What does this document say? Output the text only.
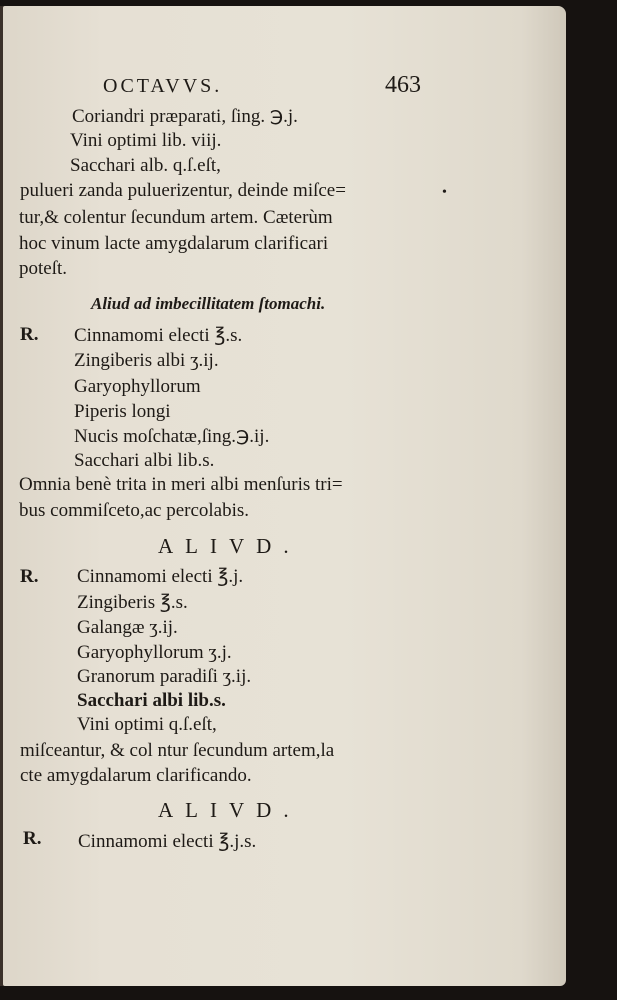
OCTAVVS.	463
Coriandri præparati, ſing. ℈.j.
Vini optimi lib. viij.
Sacchari alb. q.ſ.eſt,
pulueri zanda puluerizentur, deinde miſce=	•
tur,& colentur ſecundum artem. Cæterùm
hoc vinum lacte amygdalarum clarificari
poteſt.
Aliud ad imbecillitatem ſtomachi.
R. Cinnamomi electi ℥.s.
Zingiberis albi ʒ.ij.
Garyophyllorum
Piperis longi
Nucis moſchatæ,ſing.℈.ij.
Sacchari albi lib.s.
Omnia benè trita in meri albi menſuris tri=
bus commiſceto,ac percolabis.
ALIVD.
R. Cinnamomi electi ℥.j.
Zingiberis ℥.s.
Galangæ ʒ.ij.
Garyophyllorum ʒ.j.
Granorum paradiſi ʒ.ij.
Sacchari albi lib.s.
Vini optimi q.ſ.eſt,
miſceantur, & col ntur ſecundum artem,la
cte amygdalarum clarificando.
ALIVD.
R. Cinnamomi electi ℥.j.s.
